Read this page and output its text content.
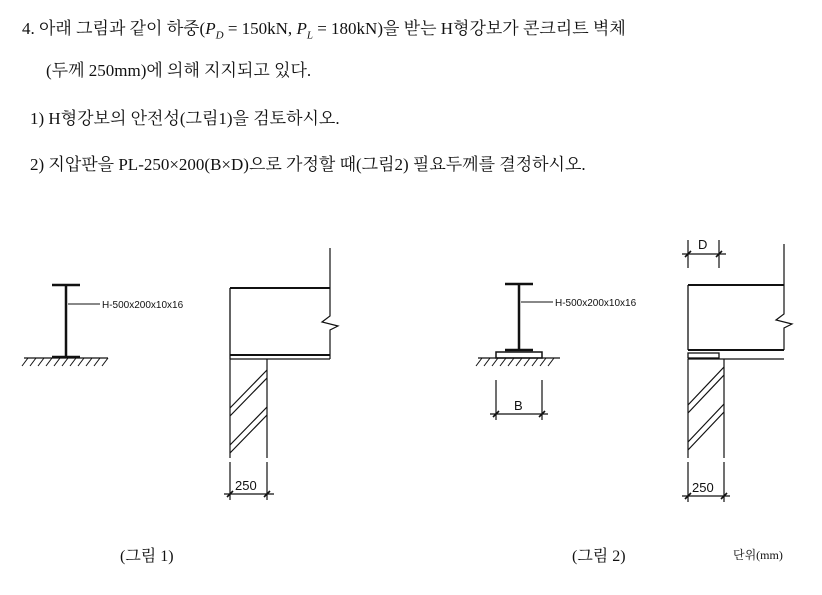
4. 아래 그림과 같이 하중($P_D = 150kN$, $P_L = 180kN$)을 받는 H형강보가 콘크리트 벽체
(두께 250mm)에 의해 지지되고 있다.
1) H형강보의 안전성(그림1)을 검토하시오.
2) 지압판을 PL-250×200(B×D)으로 가정할 때(그림2) 필요두께를 결정하시오.
H-500x200x10x16
250
H-500x200x10x16
B
D
250
(그림 1)	(그림 2)	단위(mm)
